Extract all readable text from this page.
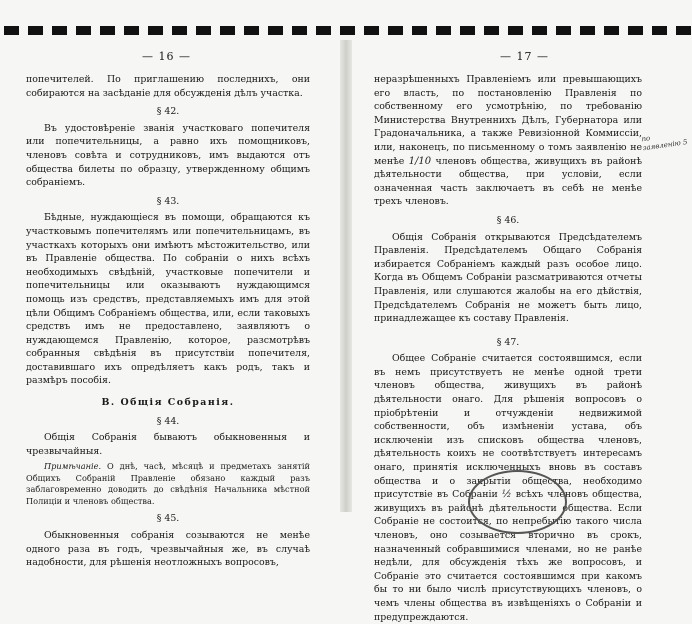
— 16 —

попечителей. По приглашению последнихъ, они собираются на засѣданіе для обсужденія дѣлъ участка.

§ 42.

Въ удостовѣреніе званія участковаго попечителя или попечительницы, а равно ихъ помощниковъ, членовъ совѣта и сотрудниковъ, имъ выдаются отъ общества билеты по образцу, утвержденному общимъ собраніемъ.

§ 43.

Бѣдные, нуждающіеся въ помощи, обращаются къ участковымъ попечителямъ или попечительницамъ, въ участкахъ которыхъ они имѣютъ мѣстожительство, или въ Правленіе общества. По собраніи о нихъ всѣхъ необходимыхъ свѣдѣній, участковые попечители и попечительницы или оказываютъ нуждающимся помощь изъ средствъ, представляемыхъ имъ для этой цѣли Общимъ Собраніемъ общества, или, если таковыхъ средствъ имъ не предоставлено, заявляютъ о нуждающемся Правленію, которое, разсмотрѣвъ собранныя свѣдѣнія въ присутствіи попечителя, доставившаго ихъ опредѣляетъ какъ родъ, такъ и размѣръ пособія.

В. Общія Собранія.

§ 44.

Общія Собранія бываютъ обыкновенныя и чрезвычайныя.

Примѣчаніе. О днѣ, часѣ, мѣсяцѣ и предметахъ занятій Общихъ Собраній Правленіе обязано каждый разъ заблаговременно доводить до свѣдѣнія Начальника мѣстной Полиціи и членовъ общества.

§ 45.

Обыкновенныя собранія созываются не менѣе одного раза въ годъ, чрезвычайныя же, въ случаѣ надобности, для рѣшенія неотложныхъ вопросовъ,

— 17 —

неразрѣшенныхъ Правленіемъ или превышающихъ его власть, по постановленію Правленія по собственному его усмотрѣнію, по требованію Министерства Внутреннихъ Дѣлъ, Губернатора или Градоначальника, а также Ревизіонной Коммиссіи, или, наконецъ, по письменному о томъ заявленію не менѣе 1/10 членовъ общества, живущихъ въ районѣ дѣятельности общества, при условіи, если означенная часть заключаетъ въ себѣ не менѣе трехъ членовъ.

§ 46.

Общія Собранія открываются Предсѣдателемъ Правленія. Предсѣдателемъ Общаго Собранія избирается Собраніемъ каждый разъ особое лицо. Когда въ Общемъ Собраніи разсматриваются отчеты Правленія, или слушаются жалобы на его дѣйствія, Предсѣдателемъ Собранія не можетъ быть лицо, принадлежащее къ составу Правленія.

§ 47.

Общее Собраніе считается состоявшимся, если въ немъ присутствуетъ не менѣе одной трети членовъ общества, живущихъ въ районѣ дѣятельности онаго. Для рѣшенія вопросовъ о пріобрѣтеніи и отчужденіи недвижимой собственности, объ измѣненіи устава, объ исключеніи изъ списковъ общества членовъ, дѣятельность коихъ не соотвѣтствуетъ интересамъ онаго, принятія исключенныхъ вновь въ составъ общества и о закрытіи общества, необходимо присутствіе въ Собраніи ½ всѣхъ членовъ общества, живущихъ въ районѣ дѣятельности общества. Если Собраніе не состоится, по непребытію такого числа членовъ, оно созывается вторично въ срокъ, назначенный собравшимися членами, но не ранѣе недѣли, для обсужденія тѣхъ же вопросовъ, и Собраніе это считается состоявшимся при какомъ бы то ни было числѣ присутствующихъ членовъ, о чемъ члены общества въ извѣщеніяхъ о Собраніи и предупреждаются.

по заявленію 5
